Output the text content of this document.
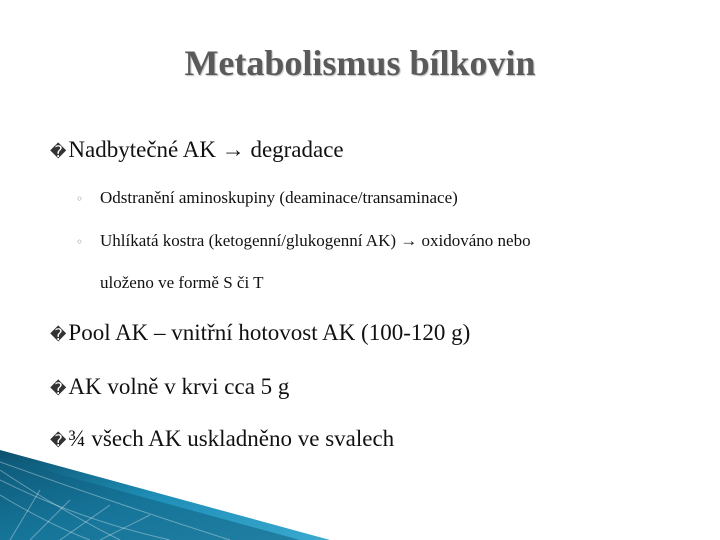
Metabolismus bílkovin
� Nadbytečné AK → degradace
◦ Odstranění aminoskupiny (deaminace/transaminace)
◦ Uhlíkatá kostra (ketogenní/glukogenní AK) → oxidováno nebo
uloženo ve formě S či T
� Pool AK – vnitřní hotovost AK (100-120 g)
� AK volně v krvi cca 5 g
� ¾ všech AK uskladněno ve svalech
